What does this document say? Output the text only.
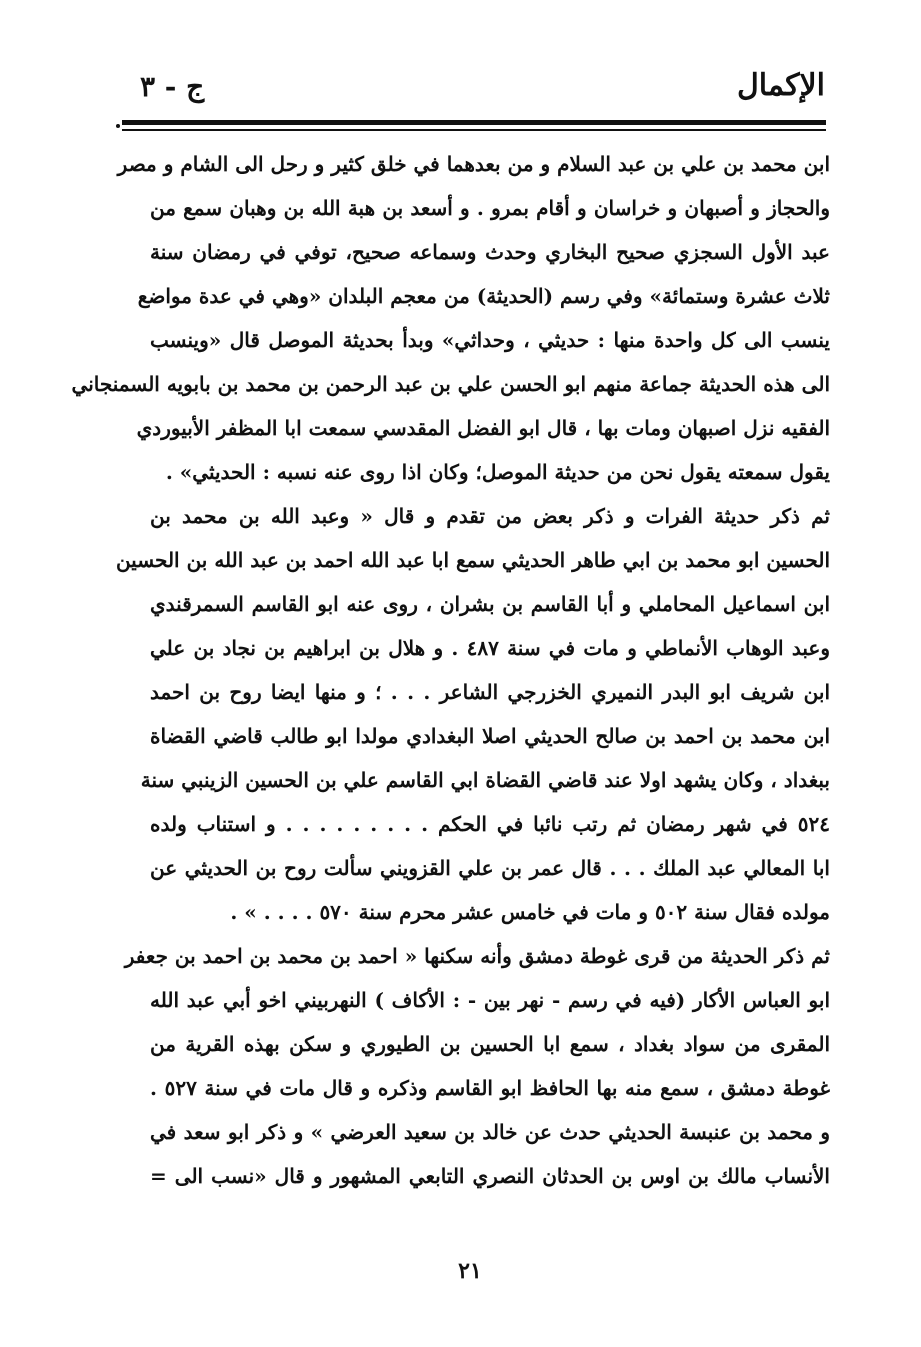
الإكمال
ج - ٣
ابن محمد بن علي بن عبد السلام و من بعدهما في خلق كثير و رحل الى الشام و مصر
والحجاز و أصبهان و خراسان و أقام بمرو . و أسعد بن هبة الله بن وهبان سمع من
عبد الأول السجزي صحيح البخاري وحدث وسماعه صحيح، توفي في رمضان سنة
ثلاث عشرة وستمائة» وفي رسم (الحديثة) من معجم البلدان «وهي في عدة مواضع
ينسب الى كل واحدة منها : حديثي ، وحداثي» وبدأ بحديثة الموصل قال «وينسب
الى هذه الحديثة جماعة منهم ابو الحسن علي بن عبد الرحمن بن محمد بن بابويه السمنجاني
الفقيه نزل اصبهان ومات بها ، قال ابو الفضل المقدسي سمعت ابا المظفر الأبيوردي
يقول سمعته يقول نحن من حديثة الموصل؛ وكان اذا روى عنه نسبه : الحديثي» .
ثم ذكر حديثة الفرات و ذكر بعض من تقدم و قال « وعبد الله بن محمد بن
الحسين ابو محمد بن ابي طاهر الحديثي سمع ابا عبد الله احمد بن عبد الله بن الحسين
ابن اسماعيل المحاملي و أبا القاسم بن بشران ، روى عنه ابو القاسم السمرقندي
وعبد الوهاب الأنماطي و مات في سنة ٤٨٧ . و هلال بن ابراهيم بن نجاد بن علي
ابن شريف ابو البدر النميري الخزرجي الشاعر . . . ؛ و منها ايضا روح بن احمد
ابن محمد بن احمد بن صالح الحديثي اصلا البغدادي مولدا ابو طالب قاضي القضاة
ببغداد ، وكان يشهد اولا عند قاضي القضاة ابي القاسم علي بن الحسين الزينبي سنة
٥٢٤ في شهر رمضان ثم رتب نائبا في الحكم . . . . . . . . . و استناب ولده
ابا المعالي عبد الملك . . . قال عمر بن علي القزويني سألت روح بن الحديثي عن
مولده فقال سنة ٥٠٢ و مات في خامس عشر محرم سنة ٥٧٠ . . . . » .
ثم ذكر الحديثة من قرى غوطة دمشق وأنه سكنها « احمد بن محمد بن احمد بن جعفر
ابو العباس الأكار (فيه في رسم - نهر بين - : الأكاف ) النهربيني اخو أبي عبد الله
المقرى من سواد بغداد ، سمع ابا الحسين بن الطيوري و سكن بهذه القرية من
غوطة دمشق ، سمع منه بها الحافظ ابو القاسم وذكره و قال مات في سنة ٥٢٧ .
و محمد بن عنبسة الحديثي حدث عن خالد بن سعيد العرضي » و ذكر ابو سعد في
الأنساب مالك بن اوس بن الحدثان النصري التابعي المشهور و قال «نسب الى =
٢١
